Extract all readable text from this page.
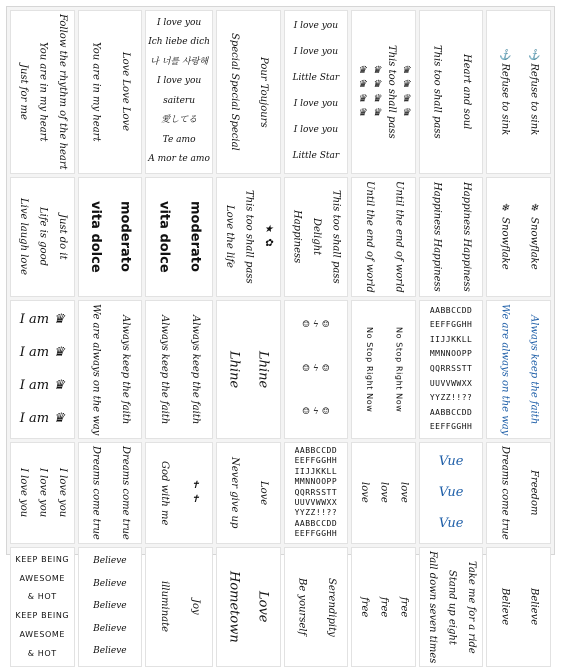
Just for me You are in my heart Follow the rhythm of the heart You are in my heart Love Love Love
I love you
Ich liebe dich
나 너를 사랑해
I love you
saiteru
愛してる
Te amo
A mor te amo
Special Special Special Pour Toujours
I love you
I love you
Little Star
I love you
I love you
Little Star
♛ ♛ ♛ ♛ ♛ ♛ ♛ ♛ This too shall pass ♛ ♛ ♛ ♛ This too shall pass Heart and soul	⚓ Refuse to sink ⚓ Refuse to sink
Live laugh love Life is good Just do it vita dolce moderato vita dolce moderato Love the life This too shall pass ★ ✿ Happiness Delight This too shall pass Until the end of world Until the end of world	Happiness Happiness Happiness Happiness	❄ Snowflake ❄ Snowflake
I am ♛
I am ♛
I am ♛
I am ♛	We are always on the way Always keep the faith	Always keep the faith Always keep the faith Lhine Lhine
☺ ϟ ☺
☺ ϟ ☺
☺ ϟ ☺
No Stop Right Now	No Stop Right Now
AABBCCDD
EEFFGGHH
IIJJKKLL
MMNNOOPP
QQRRSSTT
UUVVWWXX
YYZZ!!??
AABBCCDD
EEFFGGHH	We are always on the way Always keep the faith
I love you I love you I love you Dreams come true Dreams come true	God with me ✝ ✝	Never give up Love
AABBCCDD
EEFFGGHH
IIJJKKLL
MMNNOOPP
QQRRSSTT
UUVVWWXX
YYZZ!!??
AABBCCDD
EEFFGGHH
love love love
Vue
Vue
Vue	Dreams come true Freedom
KEEP BEING
AWESOME
& HOT
KEEP BEING
AWESOME
& HOT
Believe
Believe
Believe
Believe
Believe
illuminate Joy Hometown Love	Be yourself Serendipity free free free Fall down seven times Stand up eight Take me for a ride Believe Believe
